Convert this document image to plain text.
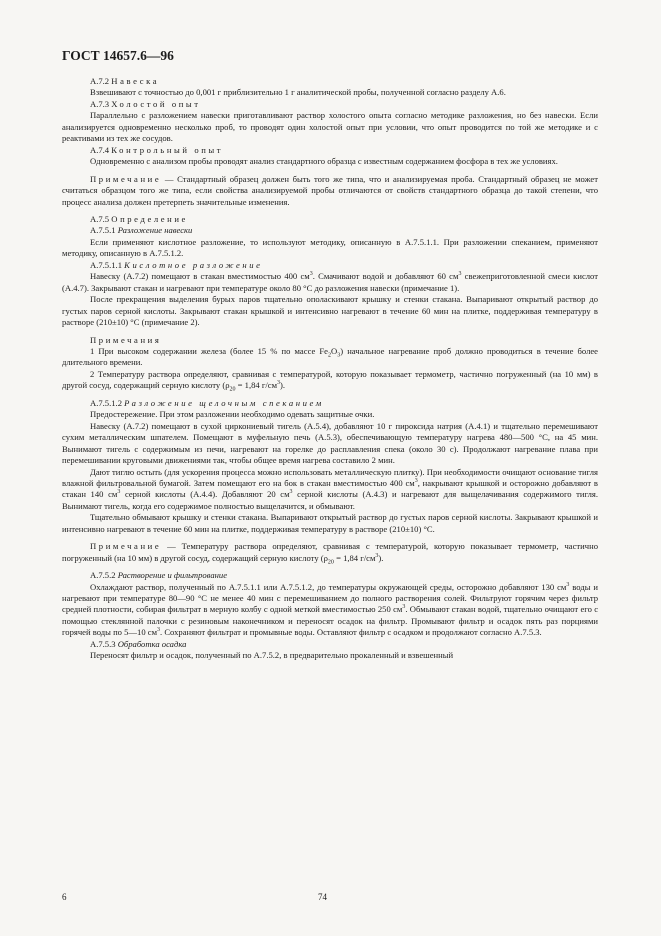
ГОСТ 14657.6—96

А.7.2 Навеска

Взвешивают с точностью до 0,001 г приблизительно 1 г аналитической пробы, полученной согласно разделу А.6.

А.7.3 Холостой опыт

Параллельно с разложением навески приготавливают раствор холостого опыта согласно методике разложения, но без навески. Если анализируется одновременно несколько проб, то проводят один холостой опыт при условии, что опыт проводится по той же методике и с реактивами из тех же сосудов.

А.7.4 Контрольный опыт

Одновременно с анализом пробы проводят анализ стандартного образца с известным содержанием фосфора в тех же условиях.

Примечание — Стандартный образец должен быть того же типа, что и анализируемая проба. Стандартный образец не может считаться образцом того же типа, если свойства анализируемой пробы отличаются от свойств стандартного образца до такой степени, что процесс анализа должен претерпеть значительные изменения.

А.7.5 Определение

А.7.5.1 Разложение навески

Если применяют кислотное разложение, то используют методику, описанную в А.7.5.1.1. При разложении спеканием, применяют методику, описанную в А.7.5.1.2.

А.7.5.1.1 Кислотное разложение

Навеску (А.7.2) помещают в стакан вместимостью 400 $см^3$. Смачивают водой и добавляют 60 $см^3$ свежеприготовленной смеси кислот (А.4.7). Закрывают стакан и нагревают при температуре около 80 °С до разложения навески (примечание 1).

После прекращения выделения бурых паров тщательно ополаскивают крышку и стенки стакана. Выпаривают открытый раствор до густых паров серной кислоты. Закрывают стакан крышкой и интенсивно нагревают в течение 60 мин на плитке, поддерживая температуру в растворе (210±10) °С (примечание 2).

Примечания

1 При высоком содержании железа (более 15 % по массе $Fe_2O_3$) начальное нагревание проб должно проводиться в течение более длительного времени.

2 Температуру раствора определяют, сравнивая с температурой, которую показывает термометр, частично погруженный (на 10 мм) в другой сосуд, содержащий серную кислоту ($\rho_{20} = 1,84$ $г/см^3$).

А.7.5.1.2 Разложение щелочным спеканием

Предостережение. При этом разложении необходимо одевать защитные очки.

Навеску (А.7.2) помещают в сухой циркониевый тигель (А.5.4), добавляют 10 г пироксида натрия (А.4.1) и тщательно перемешивают сухим металлическим шпателем. Помещают в муфельную печь (А.5.3), обеспечивающую температуру нагрева 480—500 °С, на 45 мин. Вынимают тигель с содержимым из печи, нагревают на горелке до расплавления спека (около 30 с). Продолжают нагревание плава при перемешивании круговыми движениями так, чтобы общее время нагрева составило 2 мин.

Дают тиглю остыть (для ускорения процесса можно использовать металлическую плитку). При необходимости очищают основание тигля влажной фильтровальной бумагой. Затем помещают его на бок в стакан вместимостью 400 $см^3$, накрывают крышкой и осторожно добавляют в стакан 140 $см^3$ серной кислоты (А.4.4). Добавляют 20 $см^3$ серной кислоты (А.4.3) и нагревают для выщелачивания содержимого тигля. Вынимают тигель, когда его содержимое полностью выщелачится, и обмывают.

Тщательно обмывают крышку и стенки стакана. Выпаривают открытый раствор до густых паров серной кислоты. Закрывают крышкой и интенсивно нагревают в течение 60 мин на плитке, поддерживая температуру в растворе (210±10) °С.

Примечание — Температуру раствора определяют, сравнивая с температурой, которую показывает термометр, частично погруженный (на 10 мм) в другой сосуд, содержащий серную кислоту ($\rho_{20} = 1,84$ $г/см^3$).

А.7.5.2 Растворение и фильтрование

Охлаждают раствор, полученный по А.7.5.1.1 или А.7.5.1.2, до температуры окружающей среды, осторожно добавляют 130 $см^3$ воды и нагревают при температуре 80—90 °С не менее 40 мин с перемешиванием до полного растворения солей. Фильтруют горячим через фильтр средней плотности, собирая фильтрат в мерную колбу с одной меткой вместимостью 250 $см^3$. Обмывают стакан водой, тщательно очищают его с помощью стеклянной палочки с резиновым наконечником и переносят осадок на фильтр. Промывают фильтр и осадок пять раз порциями горячей воды по 5—10 $см^3$. Сохраняют фильтрат и промывные воды. Оставляют фильтр с осадком и продолжают согласно А.7.5.3.

А.7.5.3 Обработка осадка

Переносят фильтр и осадок, полученный по А.7.5.2, в предварительно прокаленный и взвешенный

6	74
